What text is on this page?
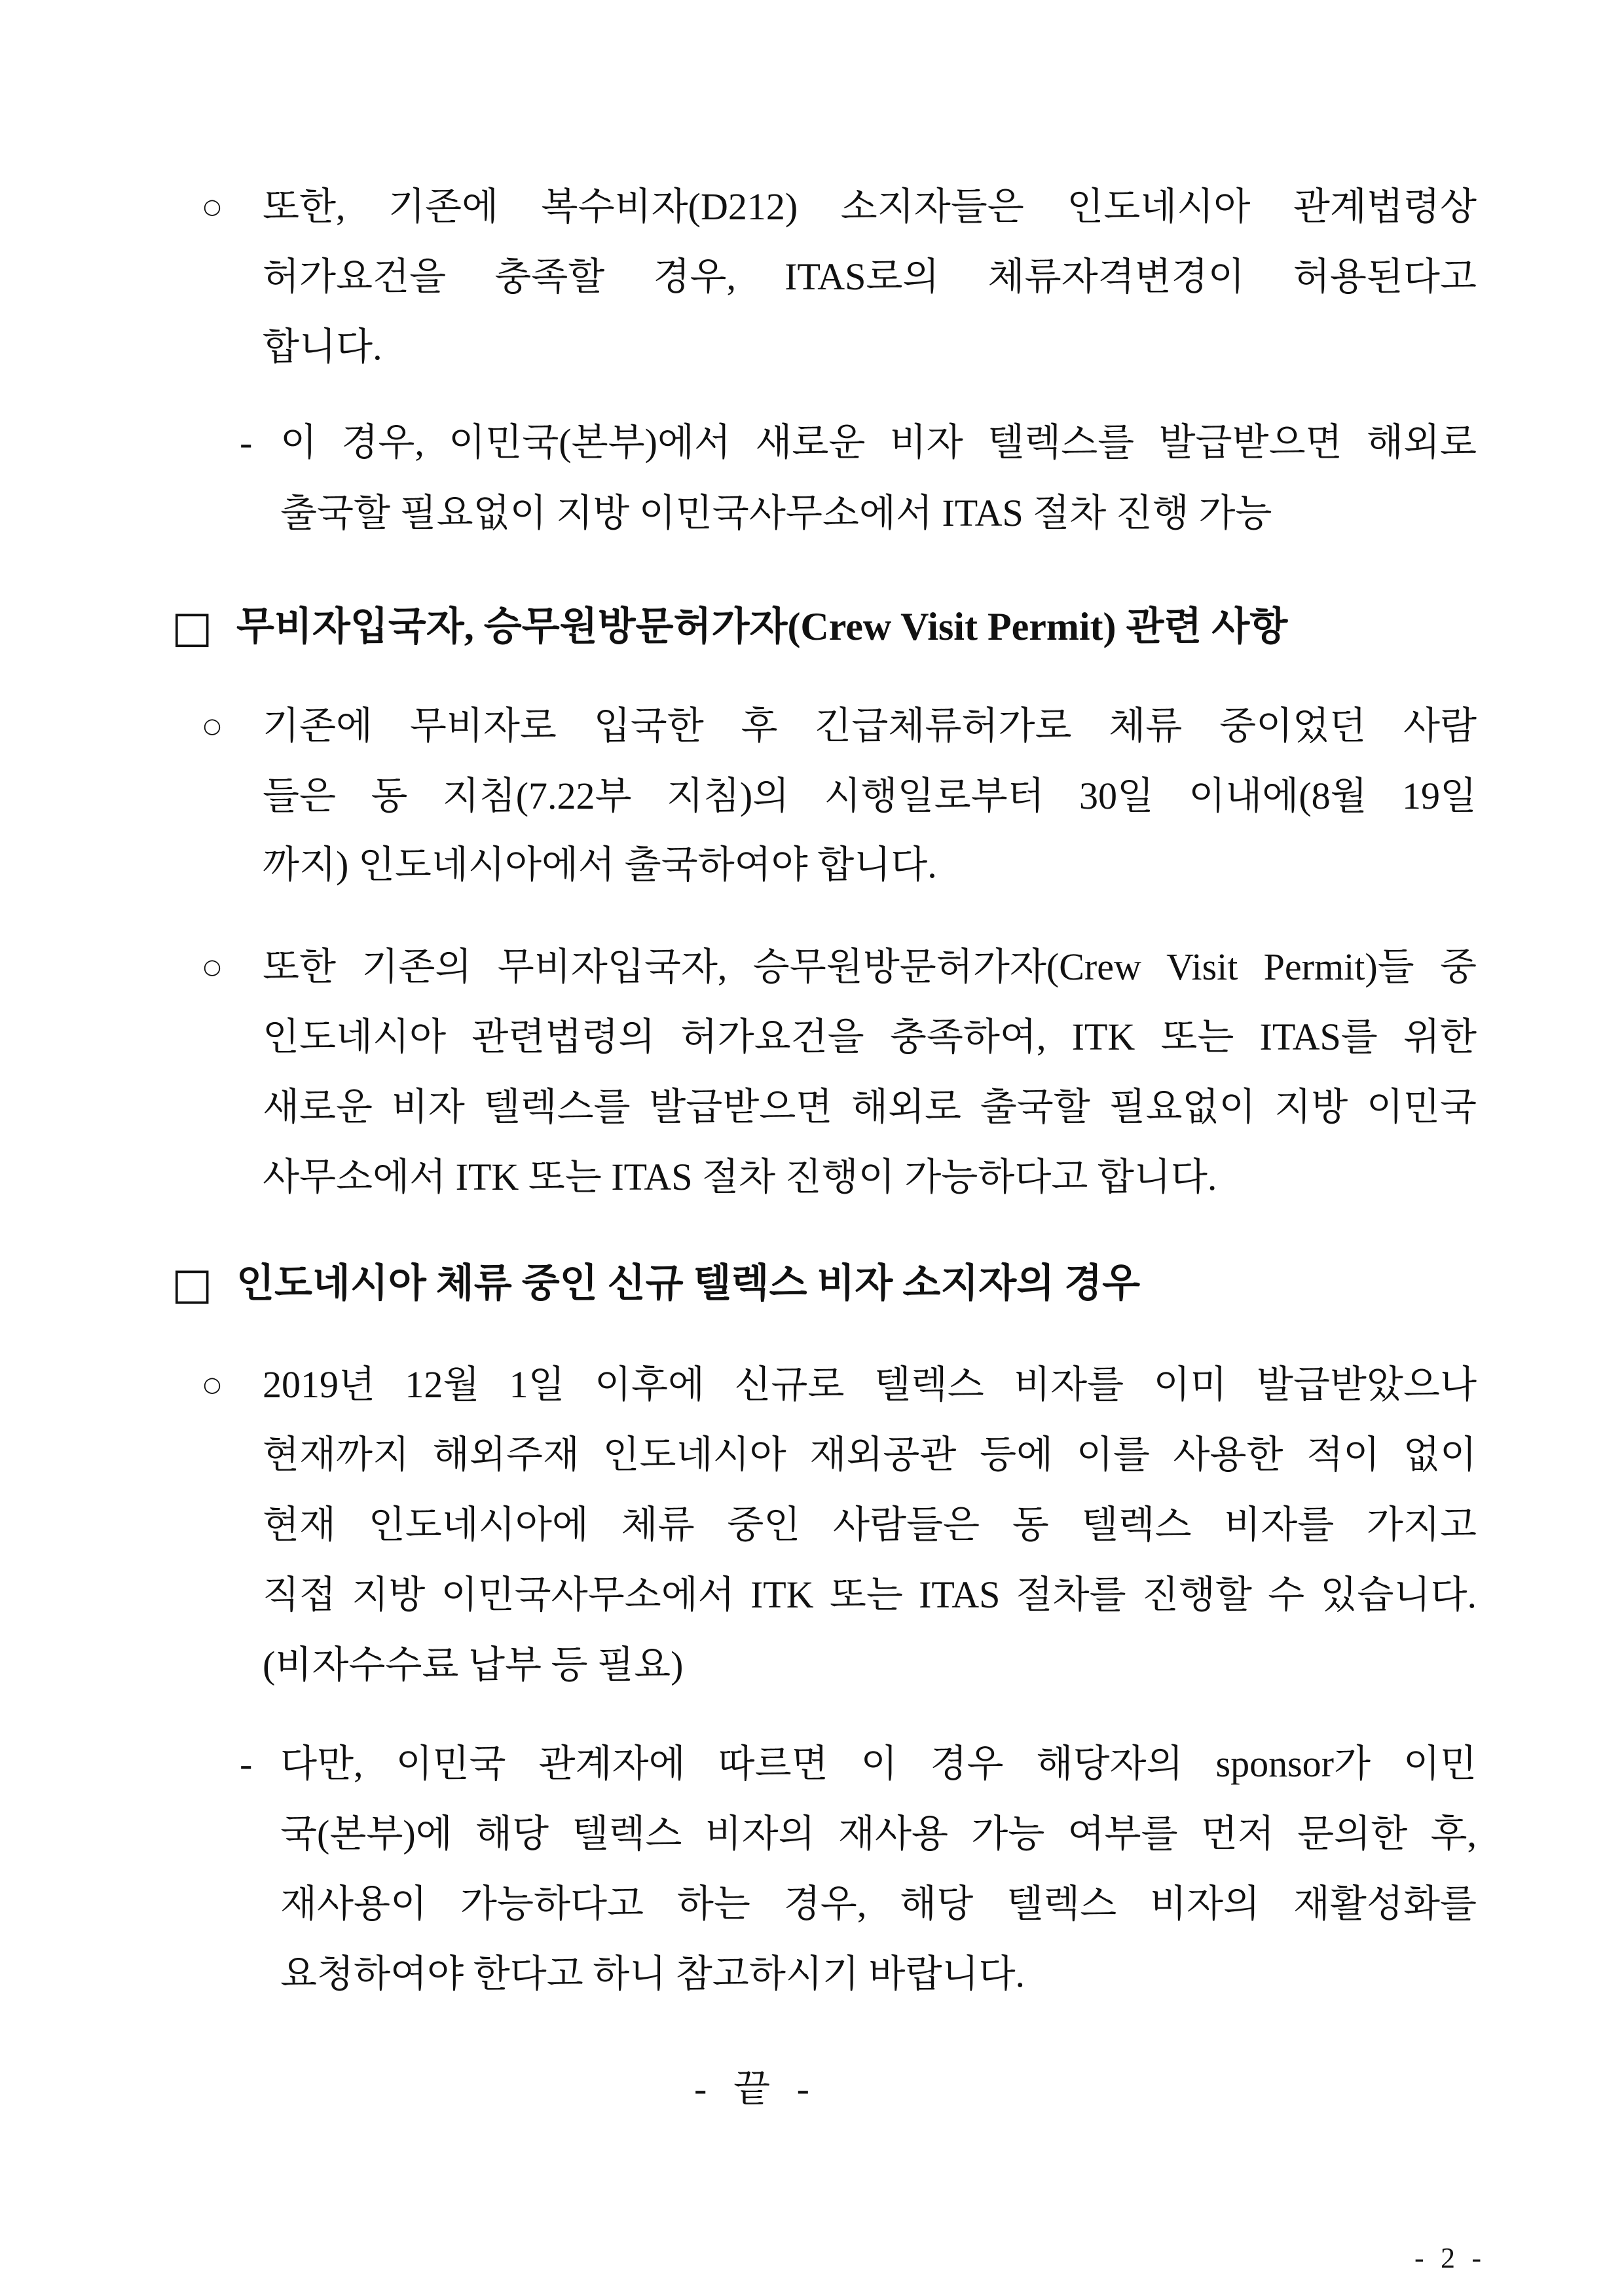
○ 또한, 기존에 복수비자(D212) 소지자들은 인도네시아 관계법령상
허가요건을 충족할 경우, ITAS로의 체류자격변경이 허용된다고
합니다.
- 이 경우, 이민국(본부)에서 새로운 비자 텔렉스를 발급받으면 해외로
출국할 필요없이 지방 이민국사무소에서 ITAS 절차 진행 가능
□ 무비자입국자, 승무원방문허가자(Crew Visit Permit) 관련 사항
○ 기존에 무비자로 입국한 후 긴급체류허가로 체류 중이었던 사람
들은 동 지침(7.22부 지침)의 시행일로부터 30일 이내에(8월 19일
까지) 인도네시아에서 출국하여야 합니다.
○ 또한 기존의 무비자입국자, 승무원방문허가자(Crew Visit Permit)들 중
인도네시아 관련법령의 허가요건을 충족하여, ITK 또는 ITAS를 위한
새로운 비자 텔렉스를 발급받으면 해외로 출국할 필요없이 지방 이민국
사무소에서 ITK 또는 ITAS 절차 진행이 가능하다고 합니다.
□ 인도네시아 체류 중인 신규 텔렉스 비자 소지자의 경우
○ 2019년 12월 1일 이후에 신규로 텔렉스 비자를 이미 발급받았으나
현재까지 해외주재 인도네시아 재외공관 등에 이를 사용한 적이 없이
현재 인도네시아에 체류 중인 사람들은 동 텔렉스 비자를 가지고
직접 지방 이민국사무소에서 ITK 또는 ITAS 절차를 진행할 수 있습니다.
(비자수수료 납부 등 필요)
- 다만, 이민국 관계자에 따르면 이 경우 해당자의 sponsor가 이민
국(본부)에 해당 텔렉스 비자의 재사용 가능 여부를 먼저 문의한 후,
재사용이 가능하다고 하는 경우, 해당 텔렉스 비자의 재활성화를
요청하여야 한다고 하니 참고하시기 바랍니다.
- 끝 -
- 2 -
